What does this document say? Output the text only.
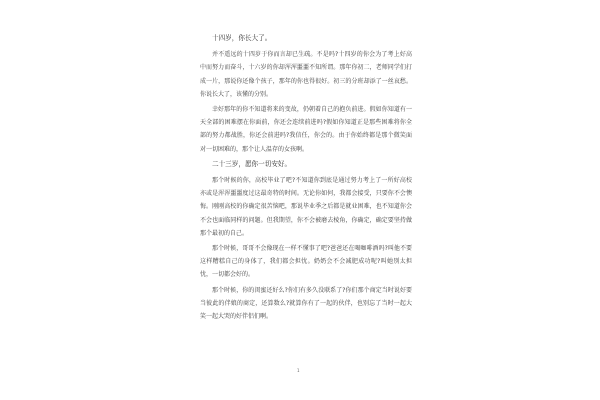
十四岁，你长大了。

并不遥远的十四岁于你而言却已生疏。不是吗?十四岁的你会为了考上好高中而努力而奋斗，十六岁的你却浑浑噩噩不知所谓。那年你初二，老师同学们打成一片，那说你还像个孩子，那年的你也得很好。初三的分班却添了一丝哀愁。你说长大了，该懂的分别。

幸好那年的你不知道将来的变故，仍朝着自己的抱负前进。假如你知道有一天全部的困难摆在你面前，你还会连续前进吗?假如你知道正是那些困难将你全部的努力都战胜，你还会前进吗?我信任，你会的。由于你始终都是那个微笑面对一切困难的，那个让人温存的女孩啊。

二十三岁，愿你一切安好。

那个时候的你，高校毕业了吧?不知道你到底是通过努力考上了一所好高校亦或是浑浑噩噩度过这最奇特的时间。无论你如何，我都会接受，只要你不会懊悔。刚刚高校的你确定很苦恼吧，那说毕业季之后都是就业困难，也不知道你会不会也面临同样的问题。但我期望，你不会被磨去棱角，你确定，确定要坚持做那个最初的自己。

那个时候，哥哥不会像现在一样不懂事了吧?爸爸还在喝咖啡酒吗?叫他不要这样糟糕自己的身体了，我们都会担忧。奶奶会不会减肥成功呢?叫她别太担忧，一切都会好的。

那个时候，你的闺蜜还好么?你们有多久没联系了?你们那个商定当时说好要当彼此的伴娘的商定，还算数么?就算你有了一起的伙伴，也别忘了当时一起大笑一起大哭的好伴侣们啊。

1
